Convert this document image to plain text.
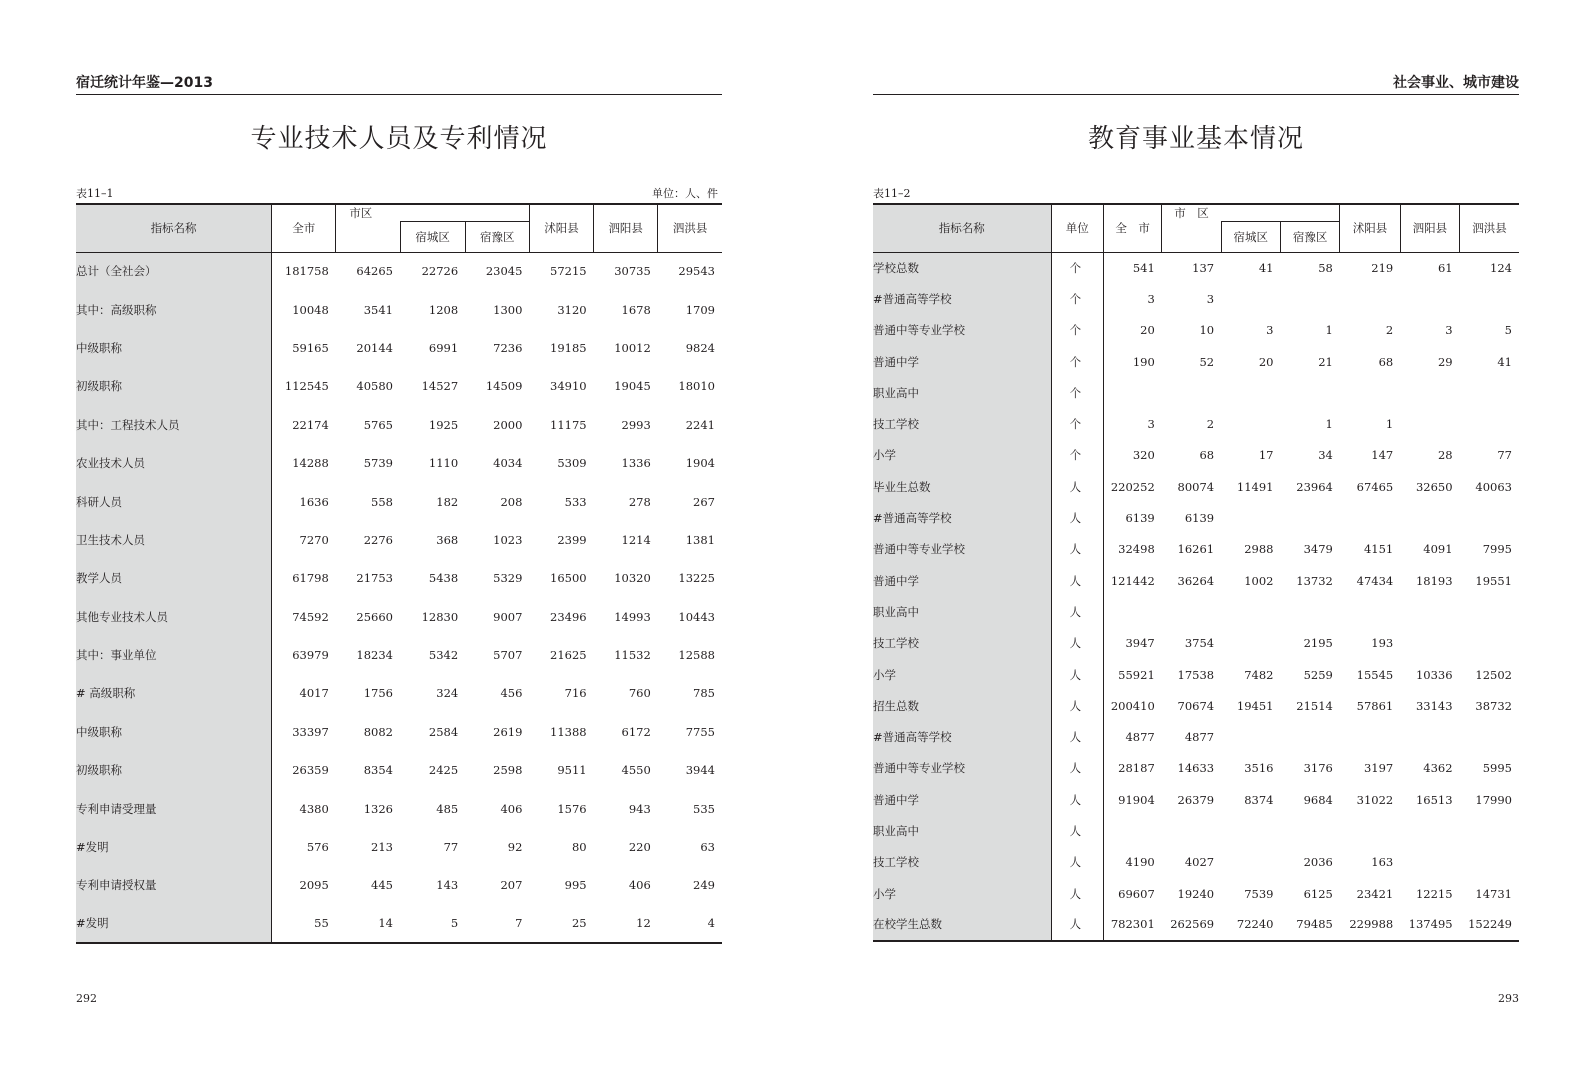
宿迁统计年鉴—2013
专业技术人员及专利情况
表11–1	单位：人、件
指标名称	全市	市区			沭阳县	泗阳县	泗洪县
			宿城区	宿豫区			
总计（全社会）	181758	64265	22726	23045	57215	30735	29543
其中：高级职称	10048	3541	1208	1300	3120	1678	1709
中级职称	59165	20144	6991	7236	19185	10012	9824
初级职称	112545	40580	14527	14509	34910	19045	18010
其中：工程技术人员	22174	5765	1925	2000	11175	2993	2241
农业技术人员	14288	5739	1110	4034	5309	1336	1904
科研人员	1636	558	182	208	533	278	267
卫生技术人员	7270	2276	368	1023	2399	1214	1381
教学人员	61798	21753	5438	5329	16500	10320	13225
其他专业技术人员	74592	25660	12830	9007	23496	14993	10443
其中：事业单位	63979	18234	5342	5707	21625	11532	12588
# 高级职称	4017	1756	324	456	716	760	785
中级职称	33397	8082	2584	2619	11388	6172	7755
初级职称	26359	8354	2425	2598	9511	4550	3944
专利申请受理量	4380	1326	485	406	1576	943	535
#发明	576	213	77	92	80	220	63
专利申请授权量	2095	445	143	207	995	406	249
#发明	55	14	5	7	25	12	4
292
社会事业、城市建设
教育事业基本情况
表11–2
指标名称	单位	全　市	市　区			沭阳县	泗阳县	泗洪县
				宿城区	宿豫区			
学校总数	个	541	137	41	58	219	61	124
#普通高等学校	个	3	3					
普通中等专业学校	个	20	10	3	1	2	3	5
普通中学	个	190	52	20	21	68	29	41
职业高中	个							
技工学校	个	3	2		1	1		
小学	个	320	68	17	34	147	28	77
毕业生总数	人	220252	80074	11491	23964	67465	32650	40063
#普通高等学校	人	6139	6139					
普通中等专业学校	人	32498	16261	2988	3479	4151	4091	7995
普通中学	人	121442	36264	1002	13732	47434	18193	19551
职业高中	人							
技工学校	人	3947	3754		2195	193		
小学	人	55921	17538	7482	5259	15545	10336	12502
招生总数	人	200410	70674	19451	21514	57861	33143	38732
#普通高等学校	人	4877	4877					
普通中等专业学校	人	28187	14633	3516	3176	3197	4362	5995
普通中学	人	91904	26379	8374	9684	31022	16513	17990
职业高中	人							
技工学校	人	4190	4027		2036	163		
小学	人	69607	19240	7539	6125	23421	12215	14731
在校学生总数	人	782301	262569	72240	79485	229988	137495	152249
293
